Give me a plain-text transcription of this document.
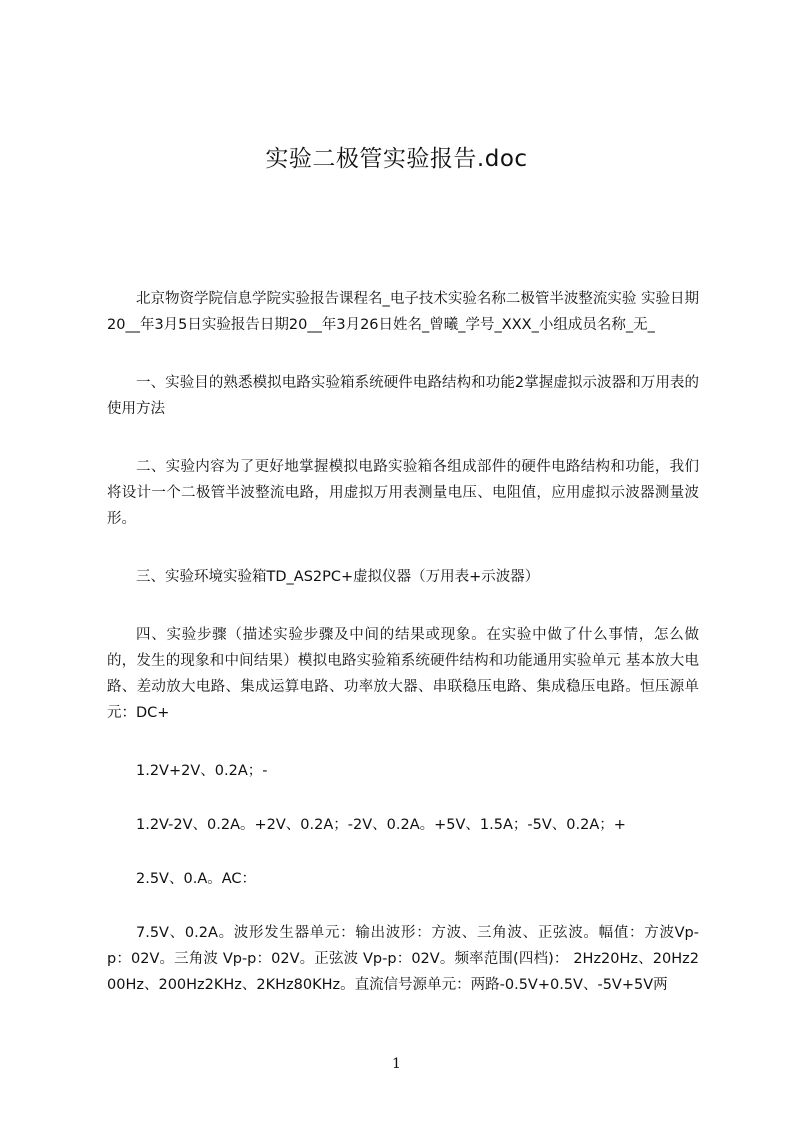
实验二极管实验报告.doc

北京物资学院信息学院实验报告课程名_电子技术实验名称二极管半波整流实验 实验日期20__年3月5日实验报告日期20__年3月26日姓名_曾曦_学号_XXX_小组成员名称_无_

一、实验目的熟悉模拟电路实验箱系统硬件电路结构和功能2掌握虚拟示波器和万用表的使用方法

二、实验内容为了更好地掌握模拟电路实验箱各组成部件的硬件电路结构和功能，我们将设计一个二极管半波整流电路，用虚拟万用表测量电压、电阻值，应用虚拟示波器测量波形。

三、实验环境实验箱TD_AS2PC+虚拟仪器（万用表+示波器）

四、实验步骤（描述实验步骤及中间的结果或现象。在实验中做了什么事情，怎么做的，发生的现象和中间结果）模拟电路实验箱系统硬件结构和功能通用实验单元 基本放大电路、差动放大电路、集成运算电路、功率放大器、串联稳压电路、集成稳压电路。恒压源单元：DC+

1.2V+2V、0.2A；-

1.2V-2V、0.2A。+2V、0.2A；-2V、0.2A。+5V、1.5A；-5V、0.2A；+

2.5V、0.A。AC：

7.5V、0.2A。波形发生器单元：输出波形：方波、三角波、正弦波。幅值：方波Vp-p：02V。三角波 Vp-p：02V。正弦波 Vp-p：02V。频率范围(四档)： 2Hz20Hz、20Hz200Hz、200Hz2KHz、2KHz80KHz。直流信号源单元：两路-0.5V+0.5V、-5V+5V两

1
